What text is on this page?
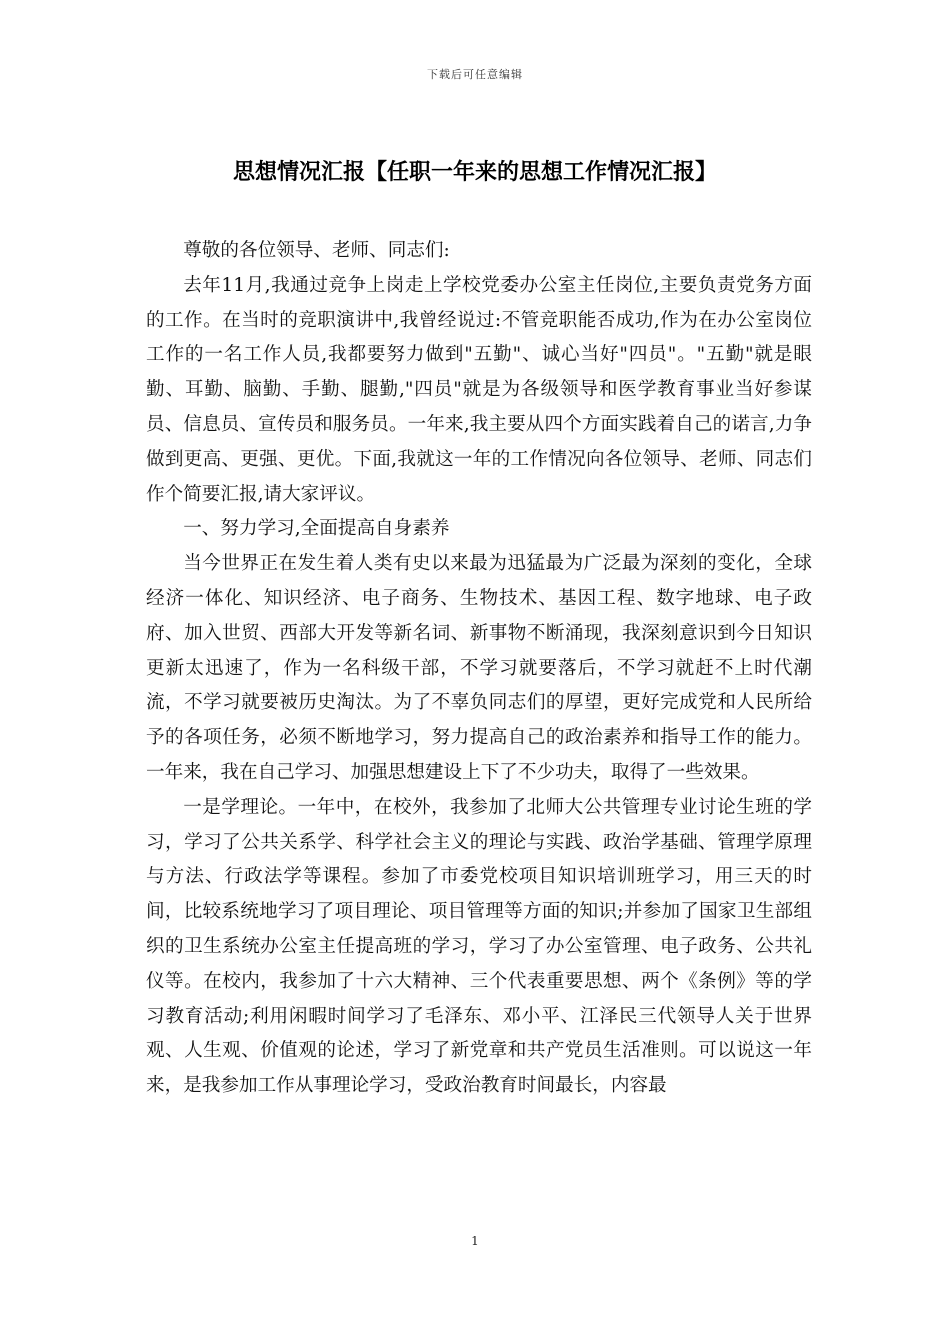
下载后可任意编辑
思想情况汇报【任职一年来的思想工作情况汇报】

尊敬的各位领导、老师、同志们:

去年11月,我通过竞争上岗走上学校党委办公室主任岗位,主要负责党务方面的工作。在当时的竞职演讲中,我曾经说过:不管竞职能否成功,作为在办公室岗位工作的一名工作人员,我都要努力做到"五勤"、诚心当好"四员"。"五勤"就是眼勤、耳勤、脑勤、手勤、腿勤,"四员"就是为各级领导和医学教育事业当好参谋员、信息员、宣传员和服务员。一年来,我主要从四个方面实践着自己的诺言,力争做到更高、更强、更优。下面,我就这一年的工作情况向各位领导、老师、同志们作个简要汇报,请大家评议。

一、努力学习,全面提高自身素养

当今世界正在发生着人类有史以来最为迅猛最为广泛最为深刻的变化，全球经济一体化、知识经济、电子商务、生物技术、基因工程、数字地球、电子政府、加入世贸、西部大开发等新名词、新事物不断涌现，我深刻意识到今日知识更新太迅速了，作为一名科级干部，不学习就要落后，不学习就赶不上时代潮流，不学习就要被历史淘汰。为了不辜负同志们的厚望，更好完成党和人民所给予的各项任务，必须不断地学习，努力提高自己的政治素养和指导工作的能力。一年来，我在自己学习、加强思想建设上下了不少功夫，取得了一些效果。

一是学理论。一年中，在校外，我参加了北师大公共管理专业讨论生班的学习，学习了公共关系学、科学社会主义的理论与实践、政治学基础、管理学原理与方法、行政法学等课程。参加了市委党校项目知识培训班学习，用三天的时间，比较系统地学习了项目理论、项目管理等方面的知识;并参加了国家卫生部组织的卫生系统办公室主任提高班的学习，学习了办公室管理、电子政务、公共礼仪等。在校内，我参加了十六大精神、三个代表重要思想、两个《条例》等的学习教育活动;利用闲暇时间学习了毛泽东、邓小平、江泽民三代领导人关于世界观、人生观、价值观的论述，学习了新党章和共产党员生活准则。可以说这一年来，是我参加工作从事理论学习，受政治教育时间最长，内容最

1
